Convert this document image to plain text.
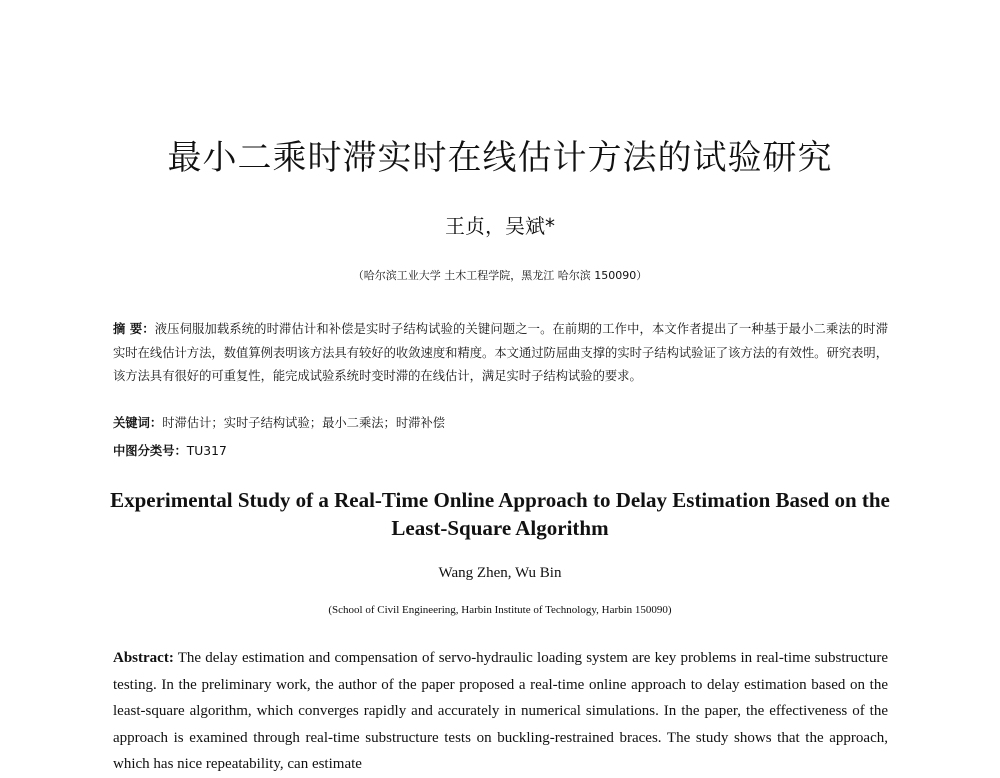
最小二乘时滞实时在线估计方法的试验研究
王贞，吴斌*
（哈尔滨工业大学 土木工程学院，黑龙江 哈尔滨 150090）
摘 要：液压伺服加载系统的时滞估计和补偿是实时子结构试验的关键问题之一。在前期的工作中，本文作者提出了一种基于最小二乘法的时滞实时在线估计方法，数值算例表明该方法具有较好的收敛速度和精度。本文通过防屈曲支撑的实时子结构试验证了该方法的有效性。研究表明，该方法具有很好的可重复性，能完成试验系统时变时滞的在线估计，满足实时子结构试验的要求。
关键词：时滞估计；实时子结构试验；最小二乘法；时滞补偿
中图分类号：TU317
Experimental Study of a Real-Time Online Approach to Delay Estimation Based on the Least-Square Algorithm
Wang Zhen, Wu Bin
(School of Civil Engineering, Harbin Institute of Technology, Harbin 150090)
Abstract: The delay estimation and compensation of servo-hydraulic loading system are key problems in real-time substructure testing. In the preliminary work, the author of the paper proposed a real-time online approach to delay estimation based on the least-square algorithm, which converges rapidly and accurately in numerical simulations. In the paper, the effectiveness of the approach is examined through real-time substructure tests on buckling-restrained braces. The study shows that the approach, which has nice repeatability, can estimate
